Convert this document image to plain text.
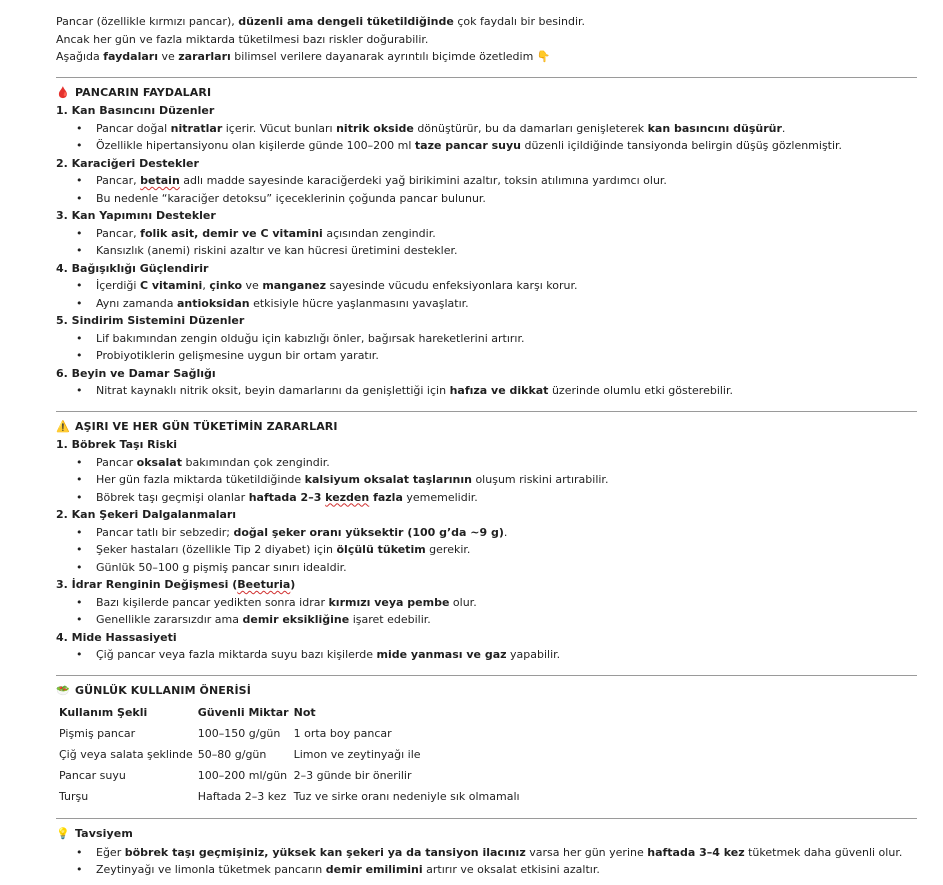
Pancar (özellikle kırmızı pancar), düzenli ama dengeli tüketildiğinde çok faydalı bir besindir.

Ancak her gün ve fazla miktarda tüketilmesi bazı riskler doğurabilir.

Aşağıda faydaları ve zararları bilimsel verilere dayanarak ayrıntılı biçimde özetledim 👇

🩸 PANCARIN FAYDALARI

1. Kan Basıncını Düzenler

• Pancar doğal nitratlar içerir. Vücut bunları nitrik okside dönüştürür, bu da damarları genişleterek kan basıncını düşürür.
• Özellikle hipertansiyonu olan kişilerde günde 100–200 ml taze pancar suyu düzenli içildiğinde tansiyonda belirgin düşüş gözlenmiştir.

2. Karaciğeri Destekler

• Pancar, betain adlı madde sayesinde karaciğerdeki yağ birikimini azaltır, toksin atılımına yardımcı olur.
• Bu nedenle “karaciğer detoksu” içeceklerinin çoğunda pancar bulunur.

3. Kan Yapımını Destekler

• Pancar, folik asit, demir ve C vitamini açısından zengindir.
• Kansızlık (anemi) riskini azaltır ve kan hücresi üretimini destekler.

4. Bağışıklığı Güçlendirir

• İçerdiği C vitamini, çinko ve manganez sayesinde vücudu enfeksiyonlara karşı korur.
• Aynı zamanda antioksidan etkisiyle hücre yaşlanmasını yavaşlatır.

5. Sindirim Sistemini Düzenler

• Lif bakımından zengin olduğu için kabızlığı önler, bağırsak hareketlerini artırır.
• Probiyotiklerin gelişmesine uygun bir ortam yaratır.

6. Beyin ve Damar Sağlığı

• Nitrat kaynaklı nitrik oksit, beyin damarlarını da genişlettiği için hafıza ve dikkat üzerinde olumlu etki gösterebilir.

⚠️ AŞIRI VE HER GÜN TÜKETİMİN ZARARLARI

1. Böbrek Taşı Riski

• Pancar oksalat bakımından çok zengindir.
• Her gün fazla miktarda tüketildiğinde kalsiyum oksalat taşlarının oluşum riskini artırabilir.
• Böbrek taşı geçmişi olanlar haftada 2–3 kezden fazla yememelidir.

2. Kan Şekeri Dalgalanmaları

• Pancar tatlı bir sebzedir; doğal şeker oranı yüksektir (100 g’da ~9 g).
• Şeker hastaları (özellikle Tip 2 diyabet) için ölçülü tüketim gerekir.
• Günlük 50–100 g pişmiş pancar sınırı idealdir.

3. İdrar Renginin Değişmesi (Beeturia)

• Bazı kişilerde pancar yedikten sonra idrar kırmızı veya pembe olur.
• Genellikle zararsızdır ama demir eksikliğine işaret edebilir.

4. Mide Hassasiyeti

• Çiğ pancar veya fazla miktarda suyu bazı kişilerde mide yanması ve gaz yapabilir.

🥗 GÜNLÜK KULLANIM ÖNERİSİ

Kullanım Şekli	Güvenli Miktar	Not
Pişmiş pancar	100–150 g/gün	1 orta boy pancar
Çiğ veya salata şeklinde	50–80 g/gün	Limon ve zeytinyağı ile
Pancar suyu	100–200 ml/gün	2–3 günde bir önerilir
Turşu	Haftada 2–3 kez	Tuz ve sirke oranı nedeniyle sık olmamalı

💡 Tavsiyem

• Eğer böbrek taşı geçmişiniz, yüksek kan şekeri ya da tansiyon ilacınız varsa her gün yerine haftada 3–4 kez tüketmek daha güvenli olur.
• Zeytinyağı ve limonla tüketmek pancarın demir emilimini artırır ve oksalat etkisini azaltır.
